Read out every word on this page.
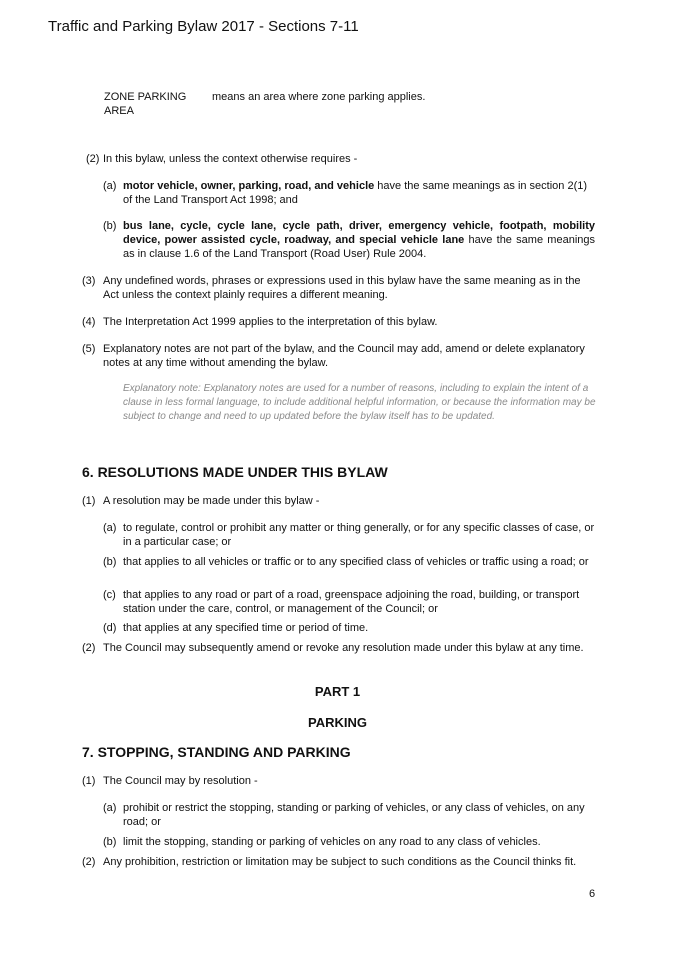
Traffic and Parking Bylaw 2017 - Sections 7-11
ZONE PARKING
AREA
means an area where zone parking applies.
(2) In this bylaw, unless the context otherwise requires -
(a) motor vehicle, owner, parking, road, and vehicle have the same meanings as in section 2(1) of the Land Transport Act 1998; and
(b) bus lane, cycle, cycle lane, cycle path, driver, emergency vehicle, footpath, mobility device, power assisted cycle, roadway, and special vehicle lane have the same meanings as in clause 1.6 of the Land Transport (Road User) Rule 2004.
(3) Any undefined words, phrases or expressions used in this bylaw have the same meaning as in the Act unless the context plainly requires a different meaning.
(4) The Interpretation Act 1999 applies to the interpretation of this bylaw.
(5) Explanatory notes are not part of the bylaw, and the Council may add, amend or delete explanatory notes at any time without amending the bylaw.
Explanatory note: Explanatory notes are used for a number of reasons, including to explain the intent of a clause in less formal language, to include additional helpful information, or because the information may be subject to change and need to up updated before the bylaw itself has to be updated.
6. RESOLUTIONS MADE UNDER THIS BYLAW
(1) A resolution may be made under this bylaw -
(a) to regulate, control or prohibit any matter or thing generally, or for any specific classes of case, or in a particular case; or
(b) that applies to all vehicles or traffic or to any specified class of vehicles or traffic using a road; or
(c) that applies to any road or part of a road, greenspace adjoining the road, building, or transport station under the care, control, or management of the Council; or
(d) that applies at any specified time or period of time.
(2) The Council may subsequently amend or revoke any resolution made under this bylaw at any time.
PART 1
PARKING
7. STOPPING, STANDING AND PARKING
(1) The Council may by resolution -
(a) prohibit or restrict the stopping, standing or parking of vehicles, or any class of vehicles, on any road; or
(b) limit the stopping, standing or parking of vehicles on any road to any class of vehicles.
(2) Any prohibition, restriction or limitation may be subject to such conditions as the Council thinks fit.
6
